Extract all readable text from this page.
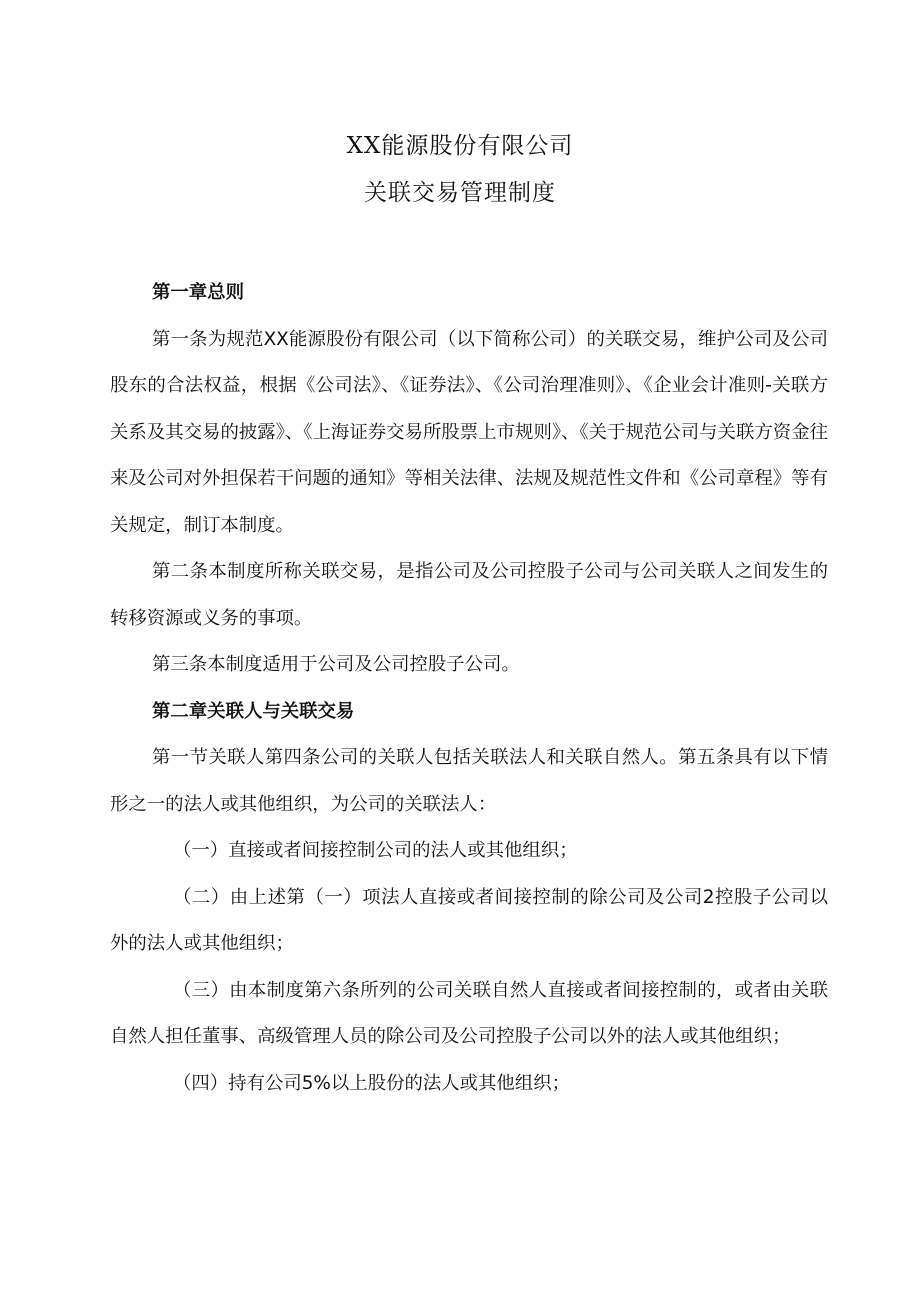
XX能源股份有限公司
关联交易管理制度

第一章总则

第一条为规范XX能源股份有限公司（以下简称公司）的关联交易，维护公司及公司股东的合法权益，根据《公司法》、《证券法》、《公司治理准则》、《企业会计准则-关联方关系及其交易的披露》、《上海证券交易所股票上市规则》、《关于规范公司与关联方资金往来及公司对外担保若干问题的通知》等相关法律、法规及规范性文件和《公司章程》等有关规定，制订本制度。

第二条本制度所称关联交易，是指公司及公司控股子公司与公司关联人之间发生的转移资源或义务的事项。

第三条本制度适用于公司及公司控股子公司。

第二章关联人与关联交易

第一节关联人第四条公司的关联人包括关联法人和关联自然人。第五条具有以下情形之一的法人或其他组织，为公司的关联法人：

（一）直接或者间接控制公司的法人或其他组织；

（二）由上述第（一）项法人直接或者间接控制的除公司及公司2控股子公司以外的法人或其他组织；

（三）由本制度第六条所列的公司关联自然人直接或者间接控制的，或者由关联自然人担任董事、高级管理人员的除公司及公司控股子公司以外的法人或其他组织；

（四）持有公司5%以上股份的法人或其他组织；
